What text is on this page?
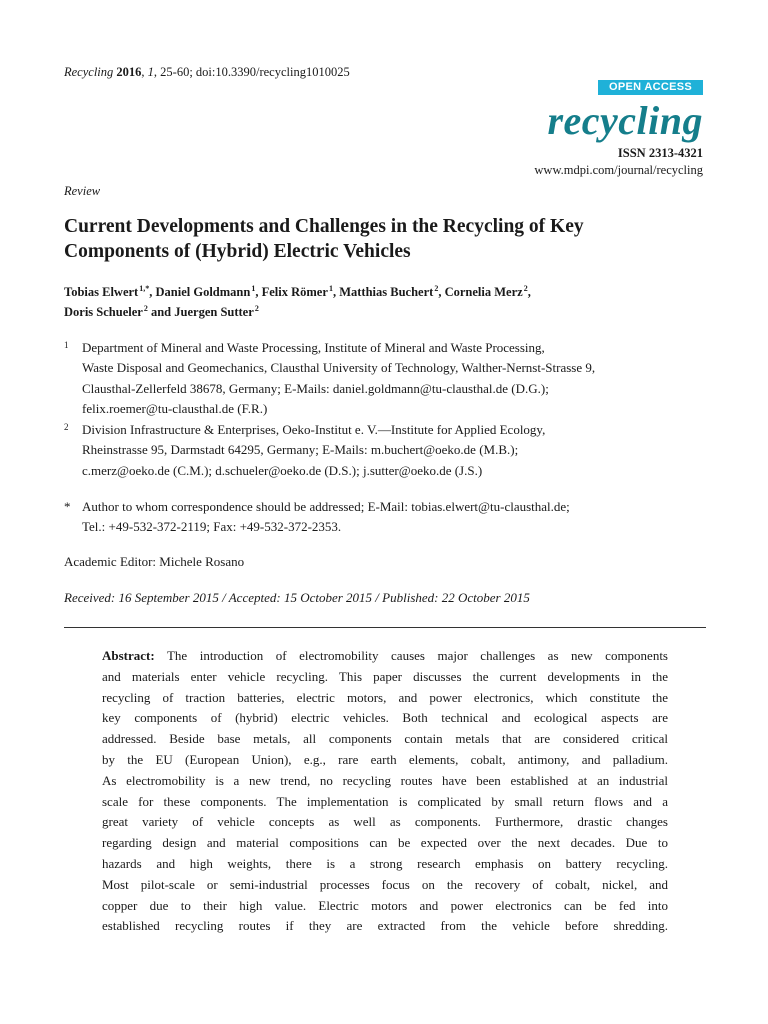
Recycling 2016, 1, 25-60; doi:10.3390/recycling1010025
OPEN ACCESS
recycling
ISSN 2313-4321
www.mdpi.com/journal/recycling
Review
Current Developments and Challenges in the Recycling of Key
Components of (Hybrid) Electric Vehicles
Tobias Elwert $^{1,*}$, Daniel Goldmann $^1$, Felix Römer $^1$, Matthias Buchert $^2$, Cornelia Merz $^2$,
Doris Schueler $^2$ and Juergen Sutter $^2$
1 Department of Mineral and Waste Processing, Institute of Mineral and Waste Processing,
Waste Disposal and Geomechanics, Clausthal University of Technology, Walther-Nernst-Strasse 9,
Clausthal-Zellerfeld 38678, Germany; E-Mails: daniel.goldmann@tu-clausthal.de (D.G.);
felix.roemer@tu-clausthal.de (F.R.)
2 Division Infrastructure & Enterprises, Oeko-Institut e. V.—Institute for Applied Ecology,
Rheinstrasse 95, Darmstadt 64295, Germany; E-Mails: m.buchert@oeko.de (M.B.);
c.merz@oeko.de (C.M.); d.schueler@oeko.de (D.S.); j.sutter@oeko.de (J.S.)
* Author to whom correspondence should be addressed; E-Mail: tobias.elwert@tu-clausthal.de;
Tel.: +49-532-372-2119; Fax: +49-532-372-2353.
Academic Editor: Michele Rosano
Received: 16 September 2015 / Accepted: 15 October 2015 / Published: 22 October 2015
Abstract: The introduction of electromobility causes major challenges as new components
and materials enter vehicle recycling. This paper discusses the current developments in the
recycling of traction batteries, electric motors, and power electronics, which constitute the
key components of (hybrid) electric vehicles. Both technical and ecological aspects are
addressed. Beside base metals, all components contain metals that are considered critical
by the EU (European Union), e.g., rare earth elements, cobalt, antimony, and palladium.
As electromobility is a new trend, no recycling routes have been established at an industrial
scale for these components. The implementation is complicated by small return flows and a
great variety of vehicle concepts as well as components. Furthermore, drastic changes
regarding design and material compositions can be expected over the next decades. Due to
hazards and high weights, there is a strong research emphasis on battery recycling.
Most pilot-scale or semi-industrial processes focus on the recovery of cobalt, nickel, and
copper due to their high value. Electric motors and power electronics can be fed into
established recycling routes if they are extracted from the vehicle before shredding.
